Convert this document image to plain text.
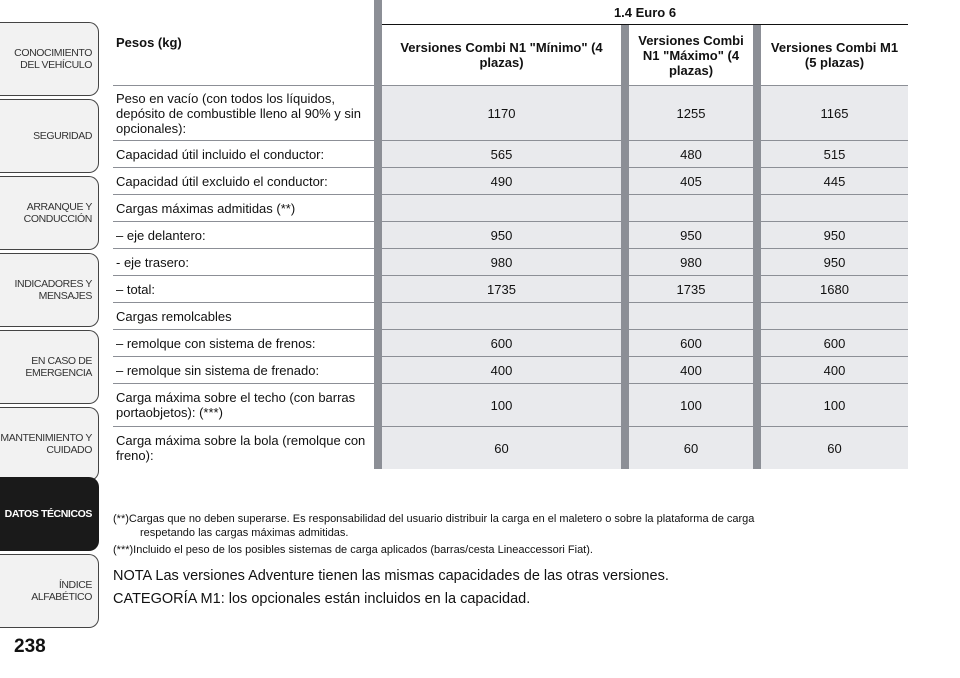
CONOCIMIENTO DEL VEHÍCULO
SEGURIDAD
ARRANQUE Y CONDUCCIÓN
INDICADORES Y MENSAJES
EN CASO DE EMERGENCIA
MANTENIMIENTO Y CUIDADO
DATOS TÉCNICOS
ÍNDICE ALFABÉTICO
238
Pesos (kg)		1.4 Euro 6				
		Versiones Combi N1 "Mínimo" (4 plazas)		Versiones Combi N1 "Máximo" (4 plazas)		Versiones Combi M1 (5 plazas)
Peso en vacío (con todos los líquidos, depósito de combustible lleno al 90% y sin opcionales):		1170		1255		1165
Capacidad útil incluido el conductor:		565		480		515
Capacidad útil excluido el conductor:		490		405		445
Cargas máximas admitidas (**)						
– eje delantero:		950		950		950
- eje trasero:		980		980		950
– total:		1735		1735		1680
Cargas remolcables						
– remolque con sistema de frenos:		600		600		600
– remolque sin sistema de frenado:		400		400		400
Carga máxima sobre el techo (con barras portaobjetos): (***)		100		100		100
Carga máxima sobre la bola (remolque con freno):		60		60		60

(**)Cargas que no deben superarse. Es responsabilidad del usuario distribuir la carga en el maletero o sobre la plataforma de carga

respetando las cargas máximas admitidas.

(***)Incluido el peso de los posibles sistemas de carga aplicados (barras/cesta Lineaccessori Fiat).

NOTA Las versiones Adventure tienen las mismas capacidades de las otras versiones.
CATEGORÍA M1: los opcionales están incluidos en la capacidad.
